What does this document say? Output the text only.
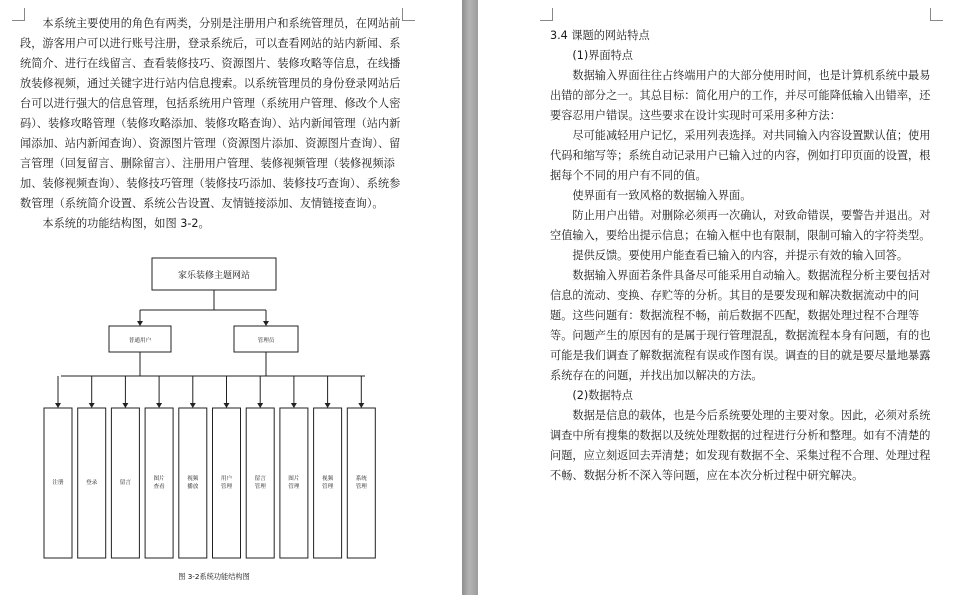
本系统主要使用的角色有两类，分别是注册用户和系统管理员，在网站前段，游客用户可以进行账号注册，登录系统后，可以查看网站的站内新闻、系统简介、进行在线留言、查看装修技巧、资源图片、装修攻略等信息，在线播放装修视频，通过关键字进行站内信息搜索。以系统管理员的身份登录网站后台可以进行强大的信息管理，包括系统用户管理（系统用户管理、修改个人密码）、装修攻略管理（装修攻略添加、装修攻略查询）、站内新闻管理（站内新闻添加、站内新闻查询）、资源图片管理（资源图片添加、资源图片查询）、留言管理（回复留言、删除留言）、注册用户管理、装修视频管理（装修视频添加、装修视频查询）、装修技巧管理（装修技巧添加、装修技巧查询）、系统参数管理（系统简介设置、系统公告设置、友情链接添加、友情链接查询）。

本系统的功能结构图，如图 3-2。

家乐装修主题网站
普通用户	管理员
注册	登录	留言
图片查看
视频播放
用户管理
留言管理
图片管理
视频管理
系统管理
图 3-2系统功能结构图

3.4 课题的网站特点

(1)界面特点

数据输入界面往往占终端用户的大部分使用时间，也是计算机系统中最易出错的部分之一。其总目标：简化用户的工作，并尽可能降低输入出错率，还要容忍用户错误。这些要求在设计实现时可采用多种方法：

尽可能减轻用户记忆，采用列表选择。对共同输入内容设置默认值；使用代码和缩写等；系统自动记录用户已输入过的内容，例如打印页面的设置，根据每个不同的用户有不同的值。

使界面有一致风格的数据输入界面。

防止用户出错。对删除必须再一次确认，对致命错误，要警告并退出。对空值输入，要给出提示信息；在输入框中也有限制，限制可输入的字符类型。

提供反馈。要使用户能查看已输入的内容，并提示有效的输入回答。

数据输入界面若条件具备尽可能采用自动输入。数据流程分析主要包括对信息的流动、变换、存贮等的分析。其目的是要发现和解决数据流动中的问题。这些问题有：数据流程不畅，前后数据不匹配，数据处理过程不合理等等。问题产生的原因有的是属于现行管理混乱，数据流程本身有问题，有的也可能是我们调查了解数据流程有误或作图有误。调查的目的就是要尽量地暴露系统存在的问题，并找出加以解决的方法。

(2)数据特点

数据是信息的载体，也是今后系统要处理的主要对象。因此，必须对系统调查中所有搜集的数据以及统处理数据的过程进行分析和整理。如有不清楚的问题，应立刻返回去弄清楚；如发现有数据不全、采集过程不合理、处理过程不畅、数据分析不深入等问题，应在本次分析过程中研究解决。
